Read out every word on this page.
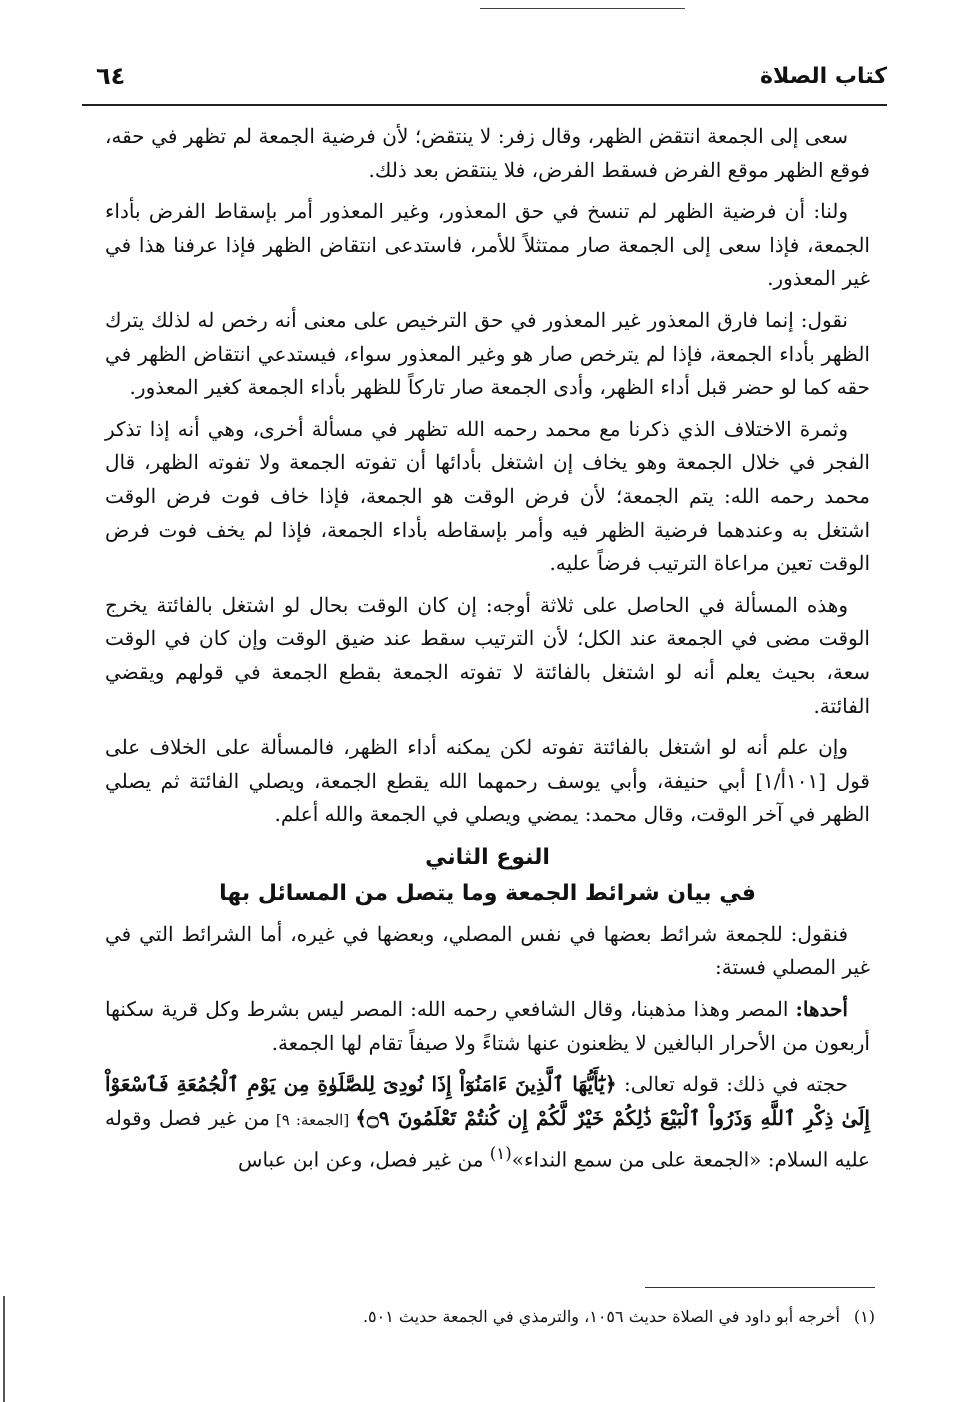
كتاب الصلاة
٦٤

سعى إلى الجمعة انتقض الظهر، وقال زفر: لا ينتقض؛ لأن فرضية الجمعة لم تظهر في حقه، فوقع الظهر موقع الفرض فسقط الفرض، فلا ينتقض بعد ذلك.

ولنا: أن فرضية الظهر لم تنسخ في حق المعذور، وغير المعذور أمر بإسقاط الفرض بأداء الجمعة، فإذا سعى إلى الجمعة صار ممتثلاً للأمر، فاستدعى انتقاض الظهر فإذا عرفنا هذا في غير المعذور.

نقول: إنما فارق المعذور غير المعذور في حق الترخيص على معنى أنه رخص له لذلك يترك الظهر بأداء الجمعة، فإذا لم يترخص صار هو وغير المعذور سواء، فيستدعي انتقاض الظهر في حقه كما لو حضر قبل أداء الظهر، وأدى الجمعة صار تاركاً للظهر بأداء الجمعة كغير المعذور.

وثمرة الاختلاف الذي ذكرنا مع محمد رحمه الله تظهر في مسألة أخرى، وهي أنه إذا تذكر الفجر في خلال الجمعة وهو يخاف إن اشتغل بأدائها أن تفوته الجمعة ولا تفوته الظهر، قال محمد رحمه الله: يتم الجمعة؛ لأن فرض الوقت هو الجمعة، فإذا خاف فوت فرض الوقت اشتغل به وعندهما فرضية الظهر فيه وأمر بإسقاطه بأداء الجمعة، فإذا لم يخف فوت فرض الوقت تعين مراعاة الترتيب فرضاً عليه.

وهذه المسألة في الحاصل على ثلاثة أوجه: إن كان الوقت بحال لو اشتغل بالفائتة يخرج الوقت مضى في الجمعة عند الكل؛ لأن الترتيب سقط عند ضيق الوقت وإن كان في الوقت سعة، بحيث يعلم أنه لو اشتغل بالفائتة لا تفوته الجمعة بقطع الجمعة في قولهم ويقضي الفائتة.

وإن علم أنه لو اشتغل بالفائتة تفوته لكن يمكنه أداء الظهر، فالمسألة على الخلاف على قول [١٠١أ/١] أبي حنيفة، وأبي يوسف رحمهما الله يقطع الجمعة، ويصلي الفائتة ثم يصلي الظهر في آخر الوقت، وقال محمد: يمضي ويصلي في الجمعة والله أعلم.

النوع الثاني

في بيان شرائط الجمعة وما يتصل من المسائل بها

فنقول: للجمعة شرائط بعضها في نفس المصلي، وبعضها في غيره، أما الشرائط التي في غير المصلي فستة:

أحدها: المصر وهذا مذهبنا، وقال الشافعي رحمه الله: المصر ليس بشرط وكل قرية سكنها أربعون من الأحرار البالغين لا يظعنون عنها شتاءً ولا صيفاً تقام لها الجمعة.

حجته في ذلك: قوله تعالى: ﴿يَٰٓأَيُّهَا ٱلَّذِينَ ءَامَنُوٓاْ إِذَا نُودِىَ لِلصَّلَوٰةِ مِن يَوْمِ ٱلْجُمُعَةِ فَٱسْعَوْاْ إِلَىٰ ذِكْرِ ٱللَّهِ وَذَرُواْ ٱلْبَيْعَ ذَٰلِكُمْ خَيْرٌ لَّكُمْ إِن كُنتُمْ تَعْلَمُونَ ۝٩﴾ [الجمعة: ٩] من غير فصل وقوله عليه السلام: «الجمعة على من سمع النداء»$^{(١)}$ من غير فصل، وعن ابن عباس

(١)أخرجه أبو داود في الصلاة حديث ١٠٥٦، والترمذي في الجمعة حديث ٥٠١.
